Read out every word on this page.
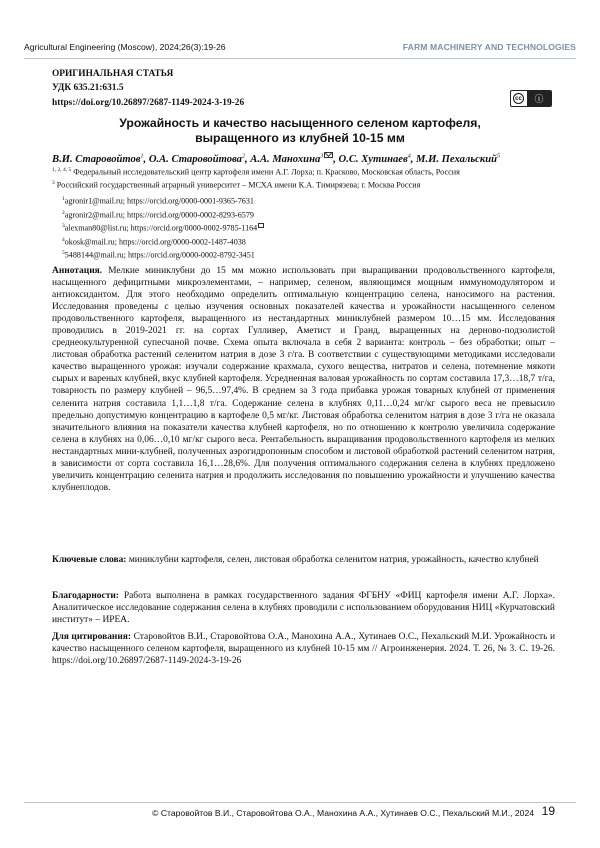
Agricultural Engineering (Moscow), 2024;26(3):19-26	FARM MACHINERY AND TECHNOLOGIES
ОРИГИНАЛЬНАЯ СТАТЬЯ
УДК 635.21:631.5
https://doi.org/10.26897/2687-1149-2024-3-19-26	cc	ⓘ
Урожайность и качество насыщенного селеном картофеля,
выращенного из клубней 10-15 мм
В.И. Старовойтов$^1$, О.А. Старовойтова$^2$, А.А. Манохина$^3$ , О.С. Хутинаев$^4$, М.И. Пехальский$^5$
$^{1, 2, 4, 5}$ Федеральный исследовательский центр картофеля имени А.Г. Лорха; п. Красково, Московская область, Россия
$^3$ Российский государственный аграрный университет – МСХА имени К.А. Тимирязева; г. Москва Россия
$^1$agronir1@mail.ru; https://orcid.org/0000-0001-9365-7631
$^2$agronir2@mail.ru; https://orcid.org/0000-0002-8293-6579
$^3$alexman80@list.ru; https://orcid.org/0000-0002-9785-1164
$^4$okosk@mail.ru; https://orcid.org/0000-0002-1487-4038
$^5$5488144@mail.ru; https://orcid.org/0000-0002-8792-3451
Аннотация. Мелкие миниклубни до 15 мм можно использовать при выращивании продовольственного картофеля, насыщенного дефицитными микроэлементами, – например, селеном, являющимся мощным иммуномодулятором и антиоксидантом. Для этого необходимо определить оптимальную концентрацию селена, наносимого на растения. Исследования проведены с целью изучения основных показателей качества и урожайности насыщенного селеном продовольственного картофеля, выращенного из нестандартных миниклубней размером 10…15 мм. Исследования проводились в 2019-2021 гг. на сортах Гулливер, Аметист и Гранд, выращенных на дерново-подзолистой среднеокультуренной супесчаной почве. Схема опыта включала в себя 2 варианта: контроль – без обработки; опыт – листовая обработка растений селенитом натрия в дозе 3 г/га. В соответствии с существующими методиками исследовали качество выращенного урожая: изучали содержание крахмала, сухого вещества, нитратов и селена, потемнение мякоти сырых и вареных клубней, вкус клубней картофеля. Усредненная валовая урожайность по сортам составила 17,3…18,7 т/га, товарность по размеру клубней – 96,5…97,4%. В среднем за 3 года прибавка урожая товарных клубней от применения селенита натрия составила 1,1…1,8 т/га. Содержание селена в клубнях 0,11…0,24 мг/кг сырого веса не превысило предельно допустимую концентрацию в картофеле 0,5 мг/кг. Листовая обработка селенитом натрия в дозе 3 г/га не оказала значительного влияния на показатели качества клубней картофеля, но по отношению к контролю увеличила содержание селена в клубнях на 0,06…0,10 мг/кг сырого веса. Рентабельность выращивания продовольственного картофеля из мелких нестандартных мини-клубней, полученных аэрогидропонным способом и листовой обработкой растений селенитом натрия, в зависимости от сорта составила 16,1…28,6%. Для получения оптимального содержания селена в клубнях предложено увеличить концентрацию селенита натрия и продолжить исследования по повышению урожайности и улучшению качества клубнеплодов.
Ключевые слова: миниклубни картофеля, селен, листовая обработка селенитом натрия, урожайность, качество клубней
Благодарности: Работа выполнена в рамках государственного задания ФГБНУ «ФИЦ картофеля имени А.Г. Лорха». Аналитическое исследование содержания селена в клубнях проводили с использованием оборудования НИЦ «Курчатовский институт» – ИРЕА.
Для цитирования: Старовойтов В.И., Старовойтова О.А., Манохина А.А., Хутинаев О.С., Пехальский М.И. Урожайность и качество насыщенного селеном картофеля, выращенного из клубней 10-15 мм // Агроинженерия. 2024. Т. 26, № 3. С. 19-26. https://doi.org/10.26897/2687-1149-2024-3-19-26
© Старовойтов В.И., Старовойтова О.А., Манохина А.А., Хутинаев О.С., Пехальский М.И., 2024 19
